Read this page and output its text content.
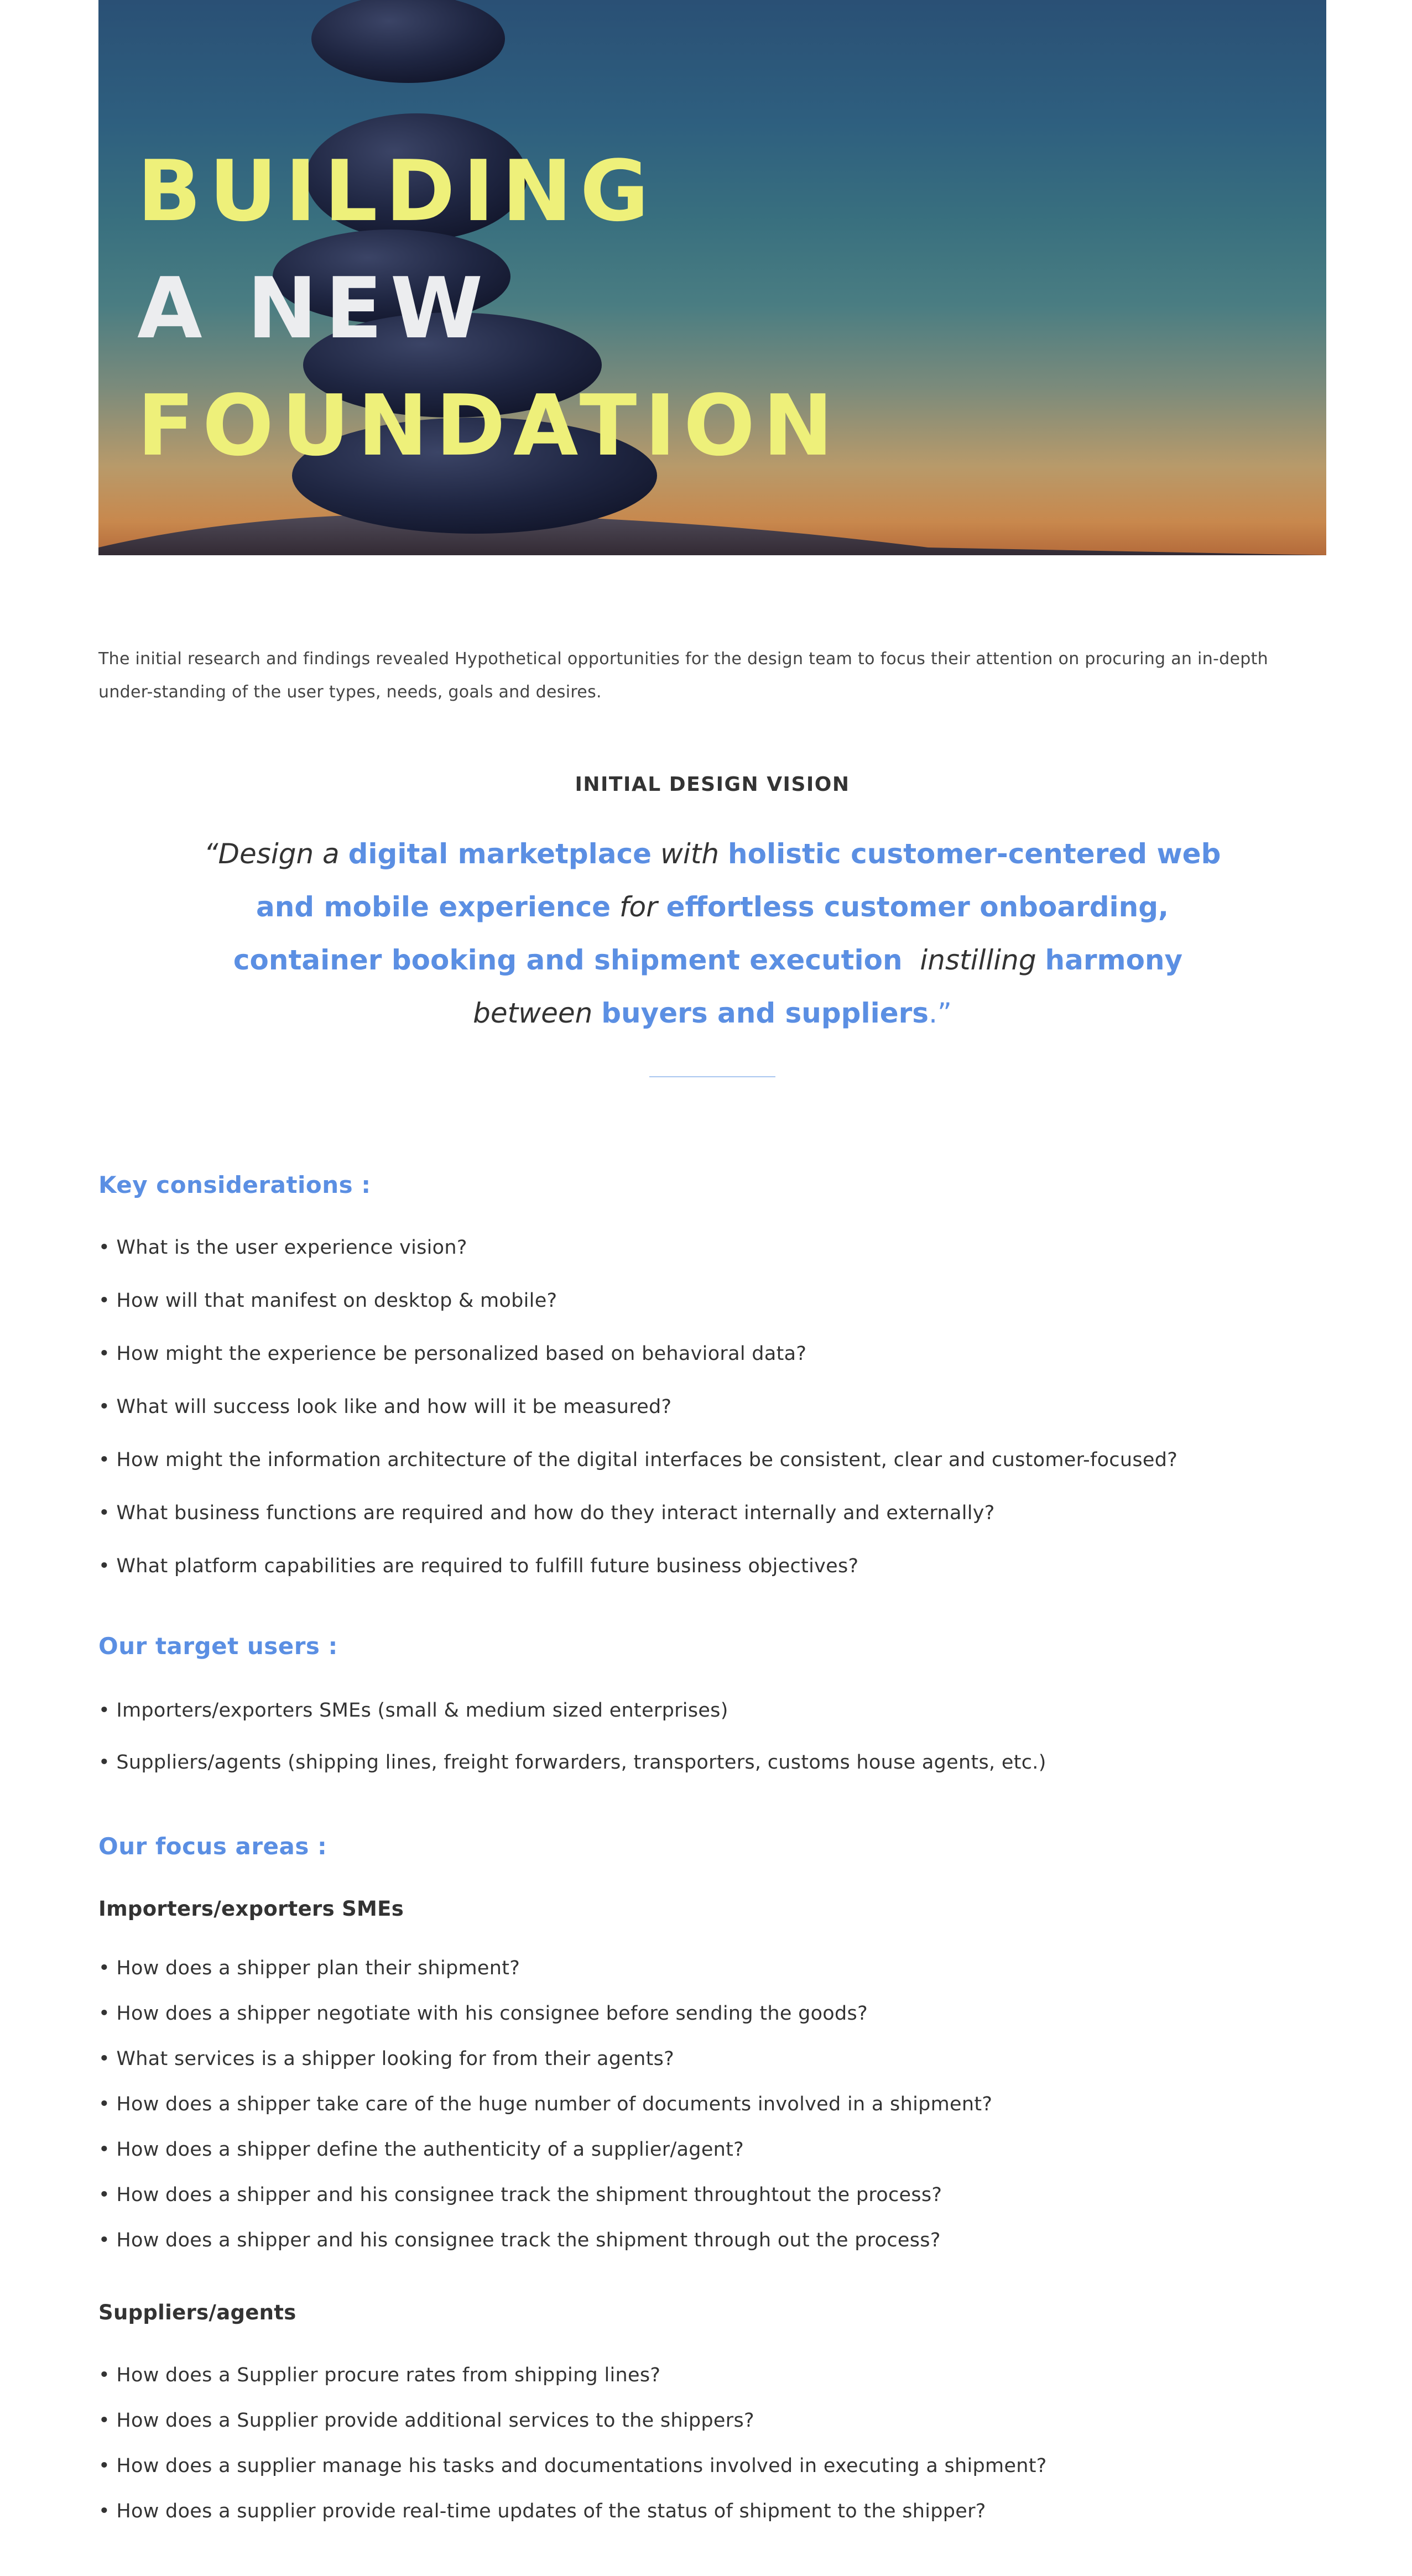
BUILDING
A NEW
FOUNDATION

The initial research and findings revealed Hypothetical opportunities for the design team to focus their attention on procuring an in-depth under-standing of the user types, needs, goals and desires.

INITIAL DESIGN VISION

“Design a digital marketplace with holistic customer-centered web and mobile experience for effortless customer onboarding, container booking and shipment execution instilling harmony  between buyers and suppliers.”

Key considerations :
• What is the user experience vision?
• How will that manifest on desktop & mobile?
• How might the experience be personalized based on behavioral data?
• What will success look like and how will it be measured?
• How might the information architecture of the digital interfaces be consistent, clear and customer-focused?
• What business functions are required and how do they interact internally and externally?
• What platform capabilities are required to fulfill future business objectives?
Our target users :
• Importers/exporters SMEs (small & medium sized enterprises)
• Suppliers/agents (shipping lines, freight forwarders, transporters, customs house agents, etc.)
Our focus areas :
Importers/exporters SMEs
• How does a shipper plan their shipment?
• How does a shipper negotiate with his consignee before sending the goods?
• What services is a shipper looking for from their agents?
• How does a shipper take care of the huge number of documents involved in a shipment?
• How does a shipper define the authenticity of a supplier/agent?
• How does a shipper and his consignee track the shipment throughtout the process?
• How does a shipper and his consignee track the shipment through out the process?
Suppliers/agents
• How does a Supplier procure rates from shipping lines?
• How does a Supplier provide additional services to the shippers?
• How does a supplier manage his tasks and documentations involved in executing a shipment?
• How does a supplier provide real-time updates of the status of shipment to the shipper?
